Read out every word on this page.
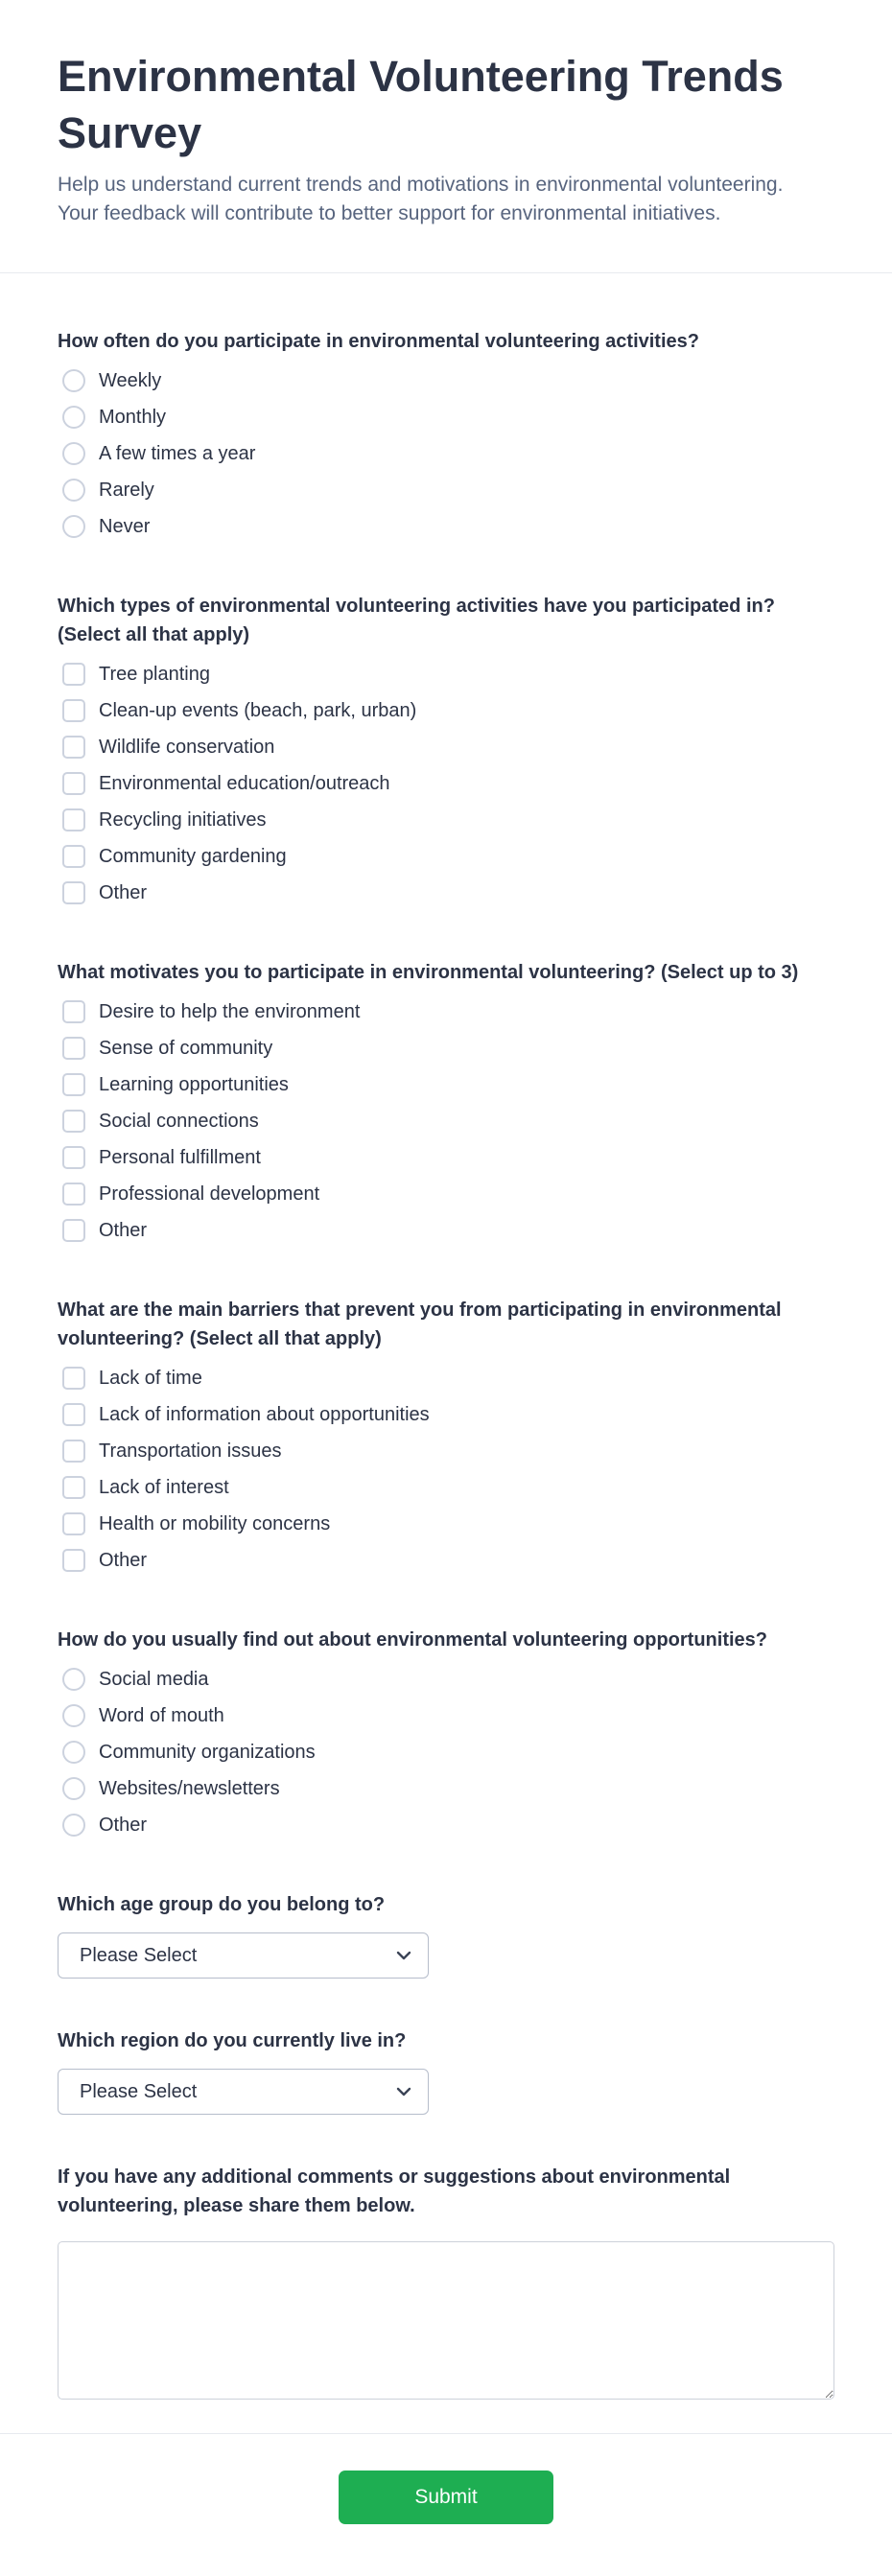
Environmental Volunteering Trends Survey
Help us understand current trends and motivations in environmental volunteering.
Your feedback will contribute to better support for environmental initiatives.
How often do you participate in environmental volunteering activities?
Weekly
Monthly
A few times a year
Rarely
Never
Which types of environmental volunteering activities have you participated in? (Select all that apply)
Tree planting
Clean-up events (beach, park, urban)
Wildlife conservation
Environmental education/outreach
Recycling initiatives
Community gardening
Other
What motivates you to participate in environmental volunteering? (Select up to 3)
Desire to help the environment
Sense of community
Learning opportunities
Social connections
Personal fulfillment
Professional development
Other
What are the main barriers that prevent you from participating in environmental volunteering? (Select all that apply)
Lack of time
Lack of information about opportunities
Transportation issues
Lack of interest
Health or mobility concerns
Other
How do you usually find out about environmental volunteering opportunities?
Social media
Word of mouth
Community organizations
Websites/newsletters
Other
Which age group do you belong to?
Please Select
Which region do you currently live in?
Please Select
If you have any additional comments or suggestions about environmental volunteering, please share them below.
Submit
